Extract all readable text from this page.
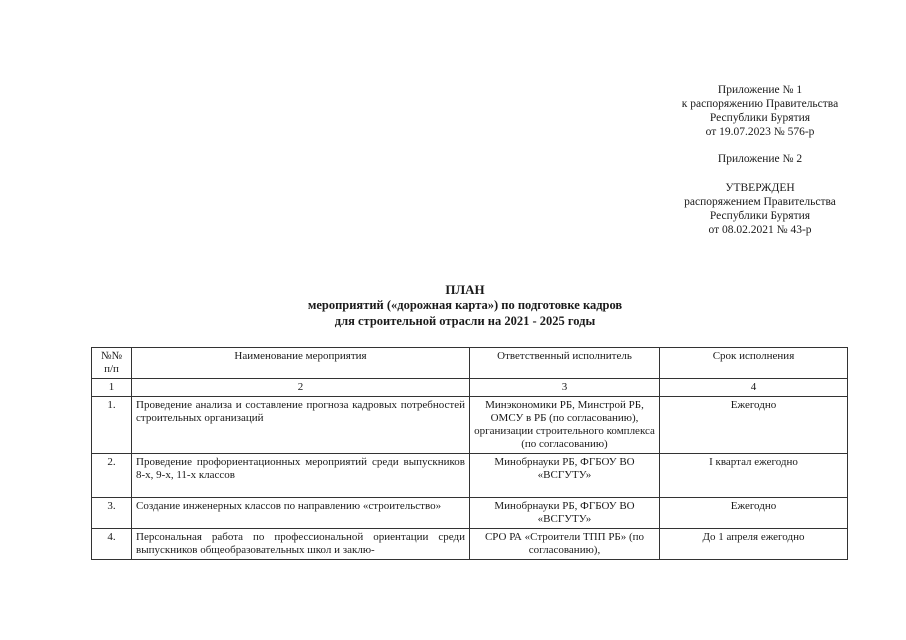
Приложение № 1
к распоряжению Правительства
Республики Бурятия
от 19.07.2023 № 576-р
Приложение № 2
УТВЕРЖДЕН
распоряжением Правительства
Республики Бурятия
от 08.02.2021 № 43-р
ПЛАН
мероприятий («дорожная карта») по подготовке кадров
для строительной отрасли на 2021 - 2025 годы
№№ п/п	Наименование мероприятия	Ответственный исполнитель	Срок исполнения
1	2	3	4
1.	Проведение анализа и составление прогноза кадровых потребностей строительных организаций	Минэкономики РБ, Минстрой РБ, ОМСУ в РБ (по согласованию), организации строительного комплекса (по согласованию)	Ежегодно
2.	Проведение профориентационных мероприятий среди выпускников 8-х, 9-х, 11-х классов	Минобрнауки РБ, ФГБОУ ВО «ВСГУТУ»	I квартал ежегодно
3.	Создание инженерных классов по направлению «строительство»	Минобрнауки РБ, ФГБОУ ВО «ВСГУТУ»	Ежегодно
4.	Персональная работа по профессиональной ориентации среди выпускников общеобразовательных школ и заклю-	СРО РА «Строители ТПП РБ» (по согласованию),	До 1 апреля ежегодно
